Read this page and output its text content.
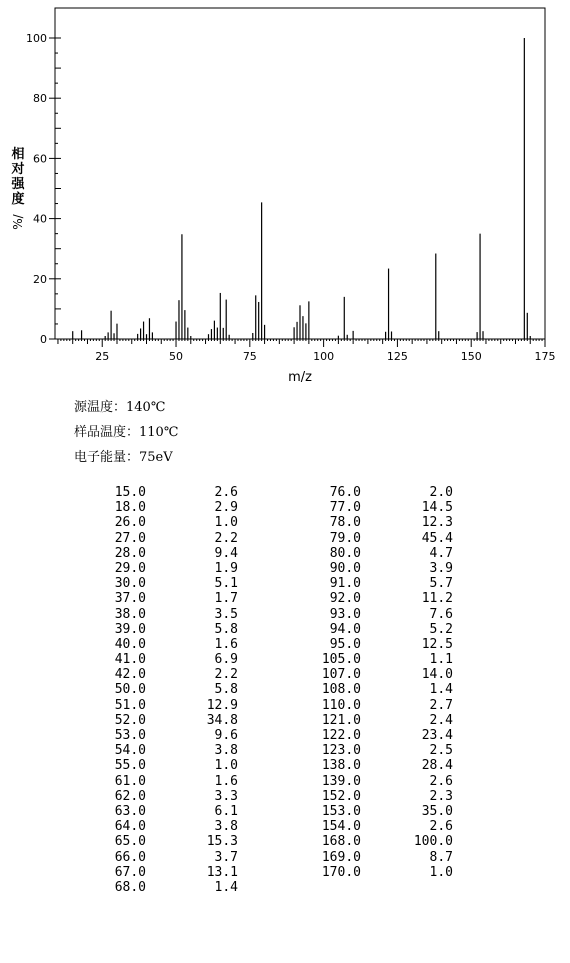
0
20
40
60
80
100
25	50	75	100	125	150	175
m/z
相
对
强
度
%/
源温度：140℃
样品温度：110℃
电子能量：75eV
15.0	2.6
18.0	2.9
26.0	1.0
27.0	2.2
28.0	9.4
29.0	1.9
30.0	5.1
37.0	1.7
38.0	3.5
39.0	5.8
40.0	1.6
41.0	6.9
42.0	2.2
50.0	5.8
51.0	12.9
52.0	34.8
53.0	9.6
54.0	3.8
55.0	1.0
61.0	1.6
62.0	3.3
63.0	6.1
64.0	3.8
65.0	15.3
66.0	3.7
67.0	13.1
68.0	1.4
76.0	2.0
77.0	14.5
78.0	12.3
79.0	45.4
80.0	4.7
90.0	3.9
91.0	5.7
92.0	11.2
93.0	7.6
94.0	5.2
95.0	12.5
105.0	1.1
107.0	14.0
108.0	1.4
110.0	2.7
121.0	2.4
122.0	23.4
123.0	2.5
138.0	28.4
139.0	2.6
152.0	2.3
153.0	35.0
154.0	2.6
168.0	100.0
169.0	8.7
170.0	1.0
